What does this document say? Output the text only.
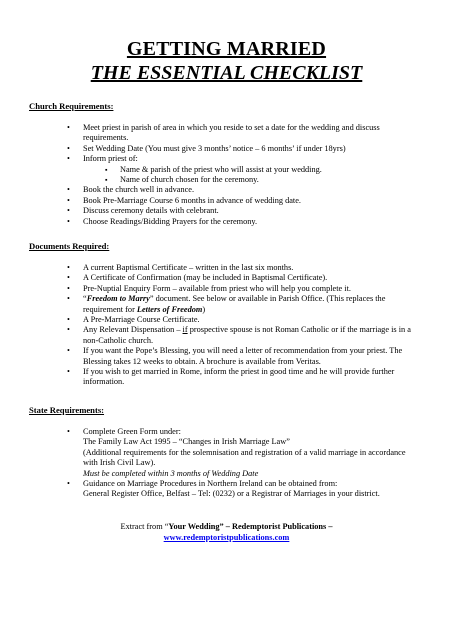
GETTING MARRIED
THE ESSENTIAL CHECKLIST
Church Requirements:
• Meet priest in parish of area in which you reside to set a date for the wedding and discuss requirements.
• Set Wedding Date (You must give 3 months’ notice – 6 months’ if under 18yrs)
• Inform priest of:
▪ Name & parish of the priest who will assist at your wedding.
▪ Name of church chosen for the ceremony.
• Book the church well in advance.
• Book Pre-Marriage Course 6 months in advance of wedding date.
• Discuss ceremony details with celebrant.
• Choose Readings/Bidding Prayers for the ceremony.
Documents Required:
• A current Baptismal Certificate – written in the last six months.
• A Certificate of Confirmation (may be included in Baptismal Certificate).
• Pre-Nuptial Enquiry Form – available from priest who will help you complete it.
• “Freedom to Marry” document. See below or available in Parish Office. (This replaces the requirement for Letters of Freedom)
• A Pre-Marriage Course Certificate.
• Any Relevant Dispensation – if prospective spouse is not Roman Catholic or if the marriage is in a non-Catholic church.
• If you want the Pope’s Blessing, you will need a letter of recommendation from your priest. The Blessing takes 12 weeks to obtain. A brochure is available from Veritas.
• If you wish to get married in Rome, inform the priest in good time and he will provide further information.
State Requirements:
• Complete Green Form under:
The Family Law Act 1995 – “Changes in Irish Marriage Law”
(Additional requirements for the solemnisation and registration of a valid marriage in accordance with Irish Civil Law).
Must be completed within 3 months of Wedding Date
• Guidance on Marriage Procedures in Northern Ireland can be obtained from:
General Register Office, Belfast – Tel: (0232) or a Registrar of Marriages in your district.
Extract from “Your Wedding” – Redemptorist Publications –
www.redemptoristpublications.com
